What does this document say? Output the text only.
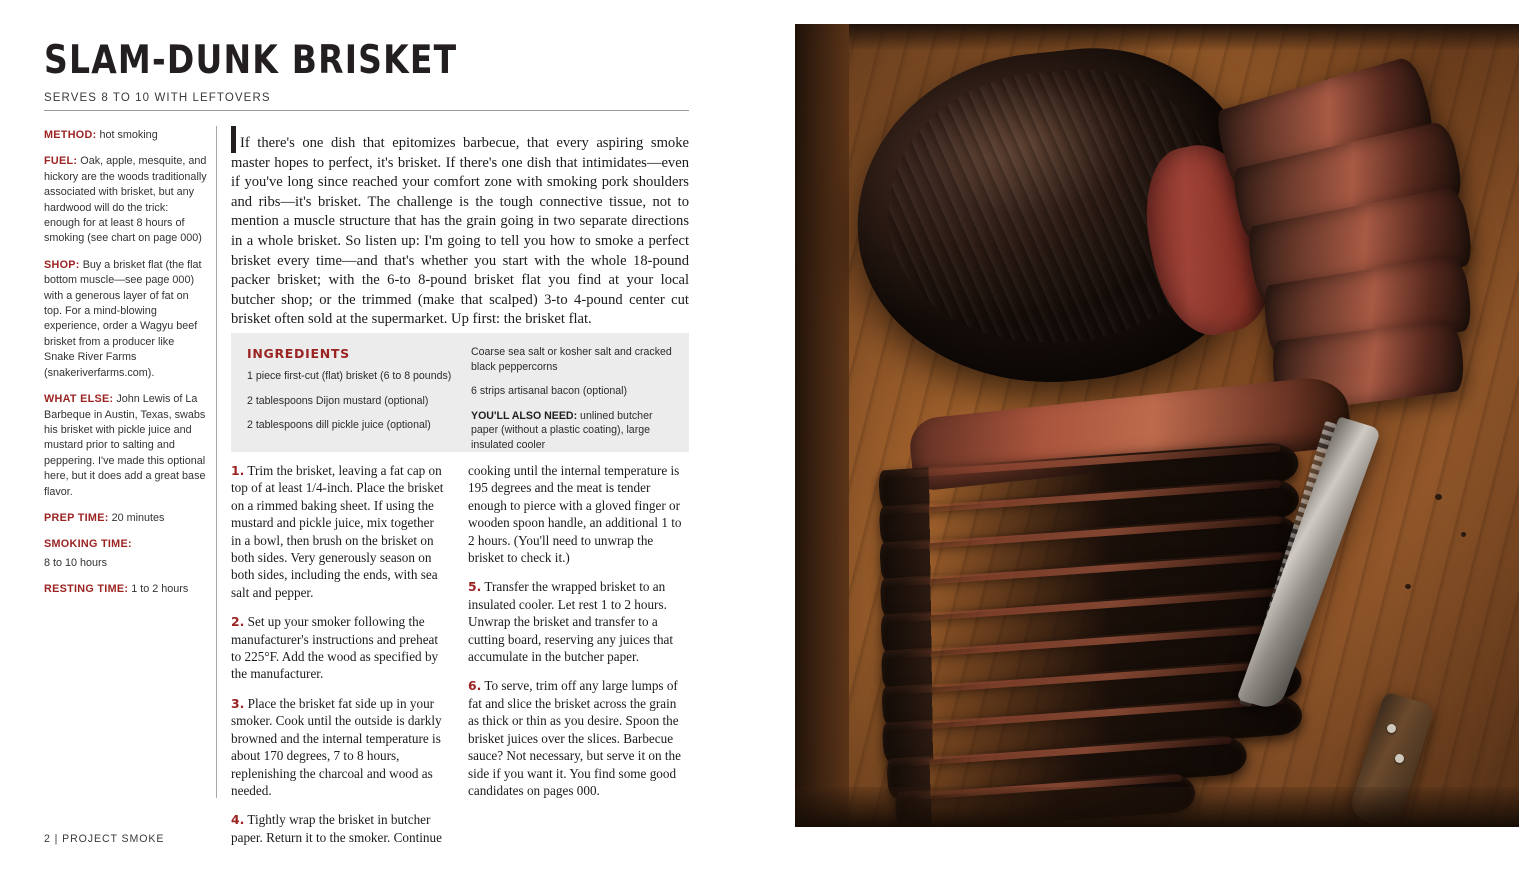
SLAM-DUNK BRISKET
SERVES 8 TO 10 WITH LEFTOVERS

METHOD: hot smoking

FUEL: Oak, apple, mesquite, and hickory are the woods traditionally associated with brisket, but any hardwood will do the trick: enough for at least 8 hours of smoking (see chart on page 000)

SHOP: Buy a brisket flat (the flat bottom muscle—see page 000) with a generous layer of fat on top. For a mind-blowing experience, order a Wagyu beef brisket from a producer like Snake River Farms (snakeriverfarms.com).

WHAT ELSE: John Lewis of La Barbeque in Austin, Texas, swabs his brisket with pickle juice and mustard prior to salting and peppering. I've made this optional here, but it does add a great base flavor.

PREP TIME: 20 minutes

SMOKING TIME:

8 to 10 hours

RESTING TIME: 1 to 2 hours

If there's one dish that epitomizes barbecue, that every aspiring smoke master hopes to perfect, it's brisket. If there's one dish that intimidates—even if you've long since reached your comfort zone with smoking pork shoulders and ribs—it's brisket. The challenge is the tough connective tissue, not to mention a muscle structure that has the grain going in two separate directions in a whole brisket. So listen up: I'm going to tell you how to smoke a perfect brisket every time—and that's whether you start with the whole 18-pound packer brisket; with the 6-to 8-pound brisket flat you find at your local butcher shop; or the trimmed (make that scalped) 3-to 4-pound center cut brisket often sold at the supermarket. Up first: the brisket flat.
INGREDIENTS

1 piece first-cut (flat) brisket (6 to 8 pounds)

2 tablespoons Dijon mustard (optional)

2 tablespoons dill pickle juice (optional)

Coarse sea salt or kosher salt and cracked black peppercorns

6 strips artisanal bacon (optional)

YOU'LL ALSO NEED: unlined butcher paper (without a plastic coating), large insulated cooler

1. Trim the brisket, leaving a fat cap on top of at least 1/4-inch. Place the brisket on a rimmed baking sheet. If using the mustard and pickle juice, mix together in a bowl, then brush on the brisket on both sides. Very generously season on both sides, including the ends, with sea salt and pepper.

2. Set up your smoker following the manufacturer's instructions and preheat to 225°F. Add the wood as specified by the manufacturer.

3. Place the brisket fat side up in your smoker. Cook until the outside is darkly browned and the internal temperature is about 170 degrees, 7 to 8 hours, replenishing the charcoal and wood as needed.

4. Tightly wrap the brisket in butcher paper. Return it to the smoker. Continue

cooking until the internal temperature is 195 degrees and the meat is tender enough to pierce with a gloved finger or wooden spoon handle, an additional 1 to 2 hours. (You'll need to unwrap the brisket to check it.)

5. Transfer the wrapped brisket to an insulated cooler. Let rest 1 to 2 hours. Unwrap the brisket and transfer to a cutting board, reserving any juices that accumulate in the butcher paper.

6. To serve, trim off any large lumps of fat and slice the brisket across the grain as thick or thin as you desire. Spoon the brisket juices over the slices. Barbecue sauce? Not necessary, but serve it on the side if you want it. You find some good candidates on pages 000.

2 | PROJECT SMOKE
